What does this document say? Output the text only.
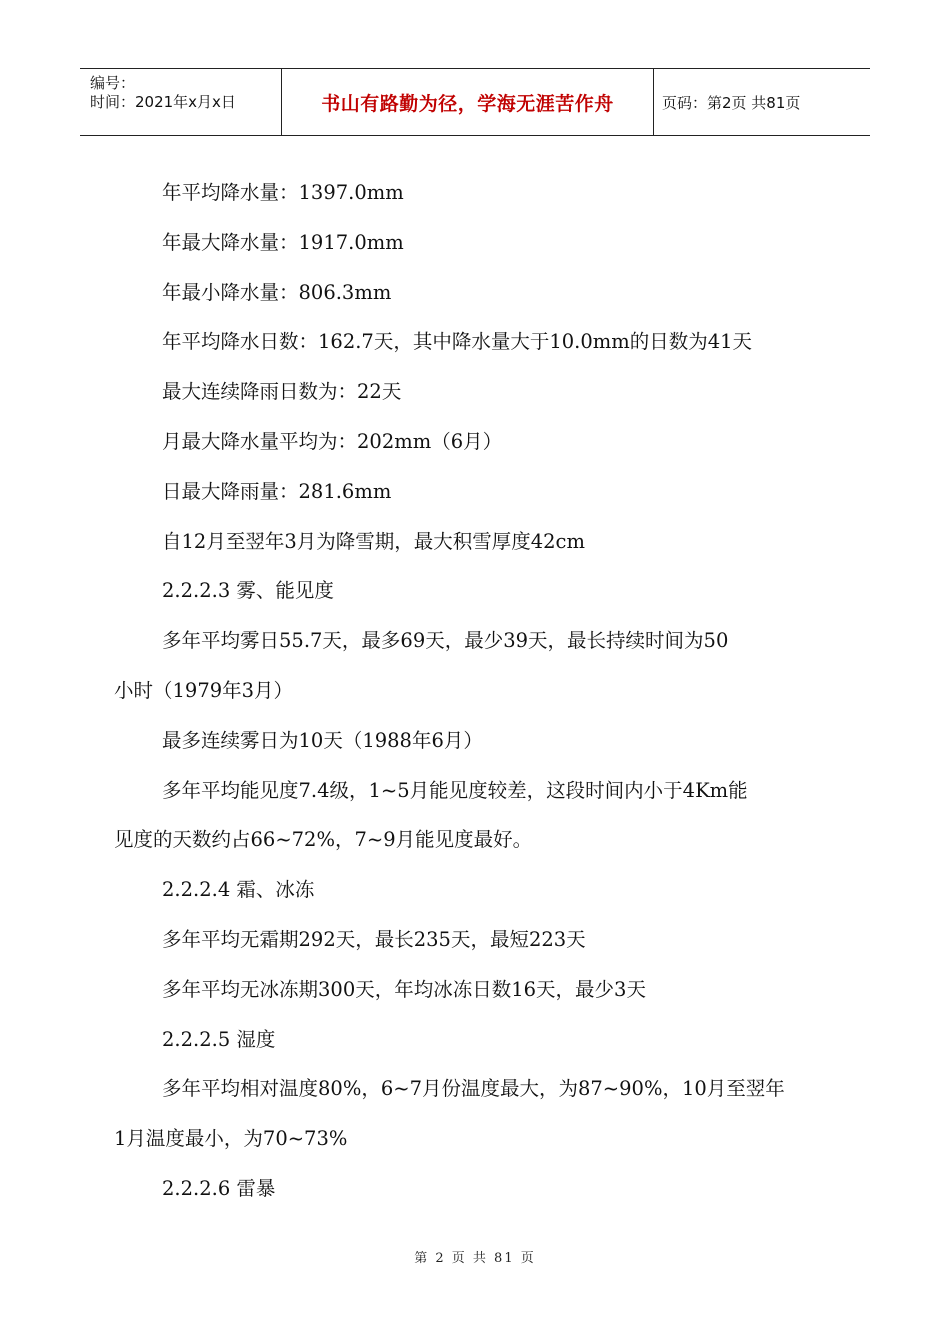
编号：
时间：2021年x月x日	书山有路勤为径，学海无涯苦作舟	页码：第2页 共81页

年平均降水量：1397.0mm

年最大降水量：1917.0mm

年最小降水量：806.3mm

年平均降水日数：162.7天，其中降水量大于10.0mm的日数为41天

最大连续降雨日数为：22天

月最大降水量平均为：202mm（6月）

日最大降雨量：281.6mm

自12月至翌年3月为降雪期，最大积雪厚度42cm

2.2.2.3 雾、能见度

多年平均雾日55.7天，最多69天，最少39天，最长持续时间为50

小时（1979年3月）

最多连续雾日为10天（1988年6月）

多年平均能见度7.4级，1~5月能见度较差，这段时间内小于4Km能

见度的天数约占66~72%，7~9月能见度最好。

2.2.2.4 霜、冰冻

多年平均无霜期292天，最长235天，最短223天

多年平均无冰冻期300天，年均冰冻日数16天，最少3天

2.2.2.5 湿度

多年平均相对温度80%，6~7月份温度最大，为87~90%，10月至翌年

1月温度最小，为70~73%

2.2.2.6 雷暴

第 2 页 共 81 页
